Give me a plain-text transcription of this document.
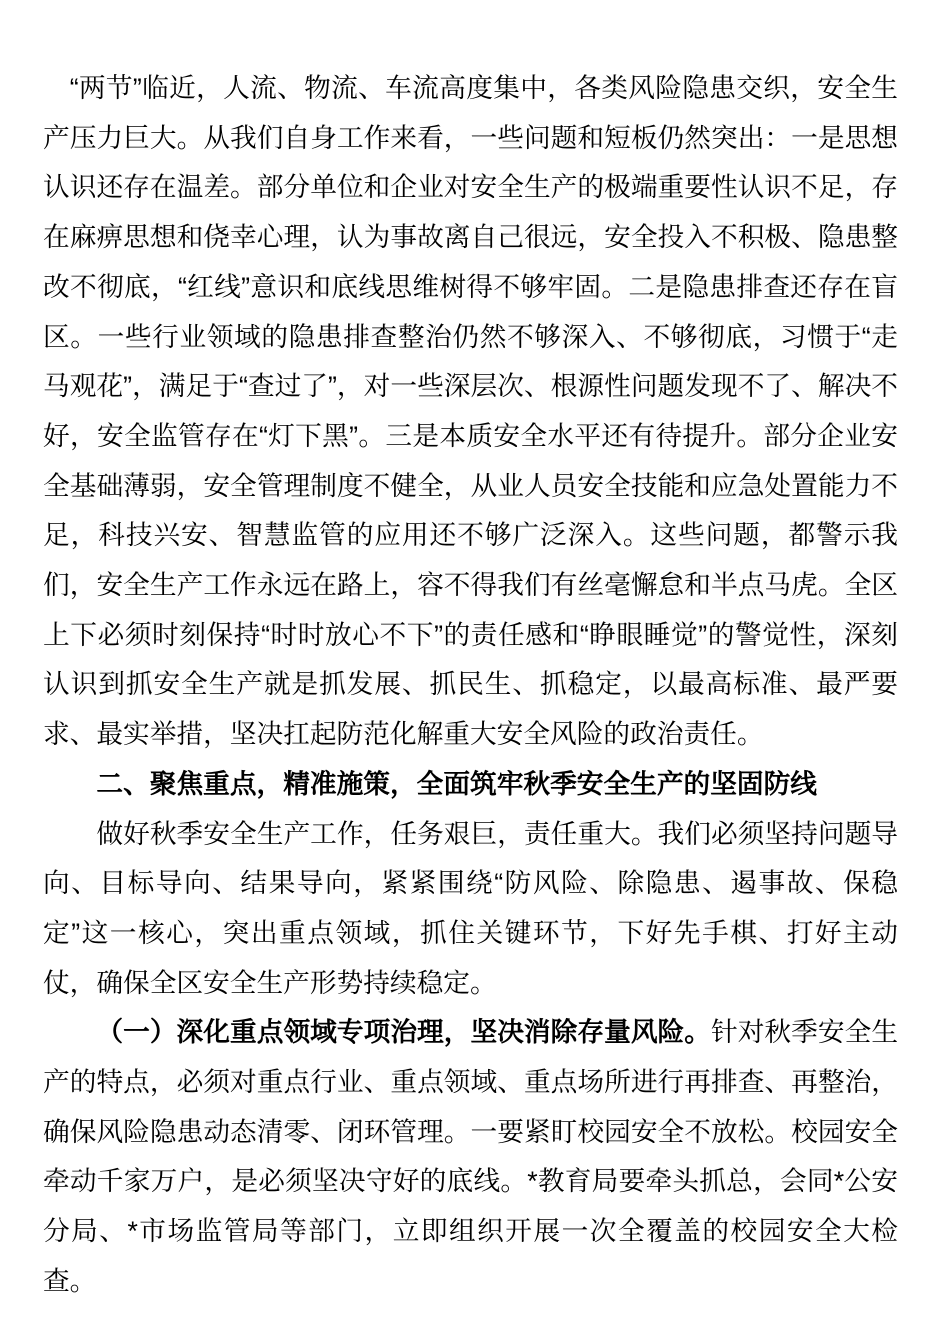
“两节”临近，人流、物流、车流高度集中，各类风险隐患交织，安全生产压力巨大。从我们自身工作来看，一些问题和短板仍然突出：一是思想认识还存在温差。部分单位和企业对安全生产的极端重要性认识不足，存在麻痹思想和侥幸心理，认为事故离自己很远，安全投入不积极、隐患整改不彻底，“红线”意识和底线思维树得不够牢固。二是隐患排查还存在盲区。一些行业领域的隐患排查整治仍然不够深入、不够彻底，习惯于“走马观花”，满足于“查过了”，对一些深层次、根源性问题发现不了、解决不好，安全监管存在“灯下黑”。三是本质安全水平还有待提升。部分企业安全基础薄弱，安全管理制度不健全，从业人员安全技能和应急处置能力不足，科技兴安、智慧监管的应用还不够广泛深入。这些问题，都警示我们，安全生产工作永远在路上，容不得我们有丝毫懈怠和半点马虎。全区上下必须时刻保持“时时放心不下”的责任感和“睁眼睡觉”的警觉性，深刻认识到抓安全生产就是抓发展、抓民生、抓稳定，以最高标准、最严要求、最实举措，坚决扛起防范化解重大安全风险的政治责任。

二、聚焦重点，精准施策，全面筑牢秋季安全生产的坚固防线

做好秋季安全生产工作，任务艰巨，责任重大。我们必须坚持问题导向、目标导向、结果导向，紧紧围绕“防风险、除隐患、遏事故、保稳定”这一核心，突出重点领域，抓住关键环节，下好先手棋、打好主动仗，确保全区安全生产形势持续稳定。

（一）深化重点领域专项治理，坚决消除存量风险。针对秋季安全生产的特点，必须对重点行业、重点领域、重点场所进行再排查、再整治，确保风险隐患动态清零、闭环管理。一要紧盯校园安全不放松。校园安全牵动千家万户，是必须坚决守好的底线。*教育局要牵头抓总，会同*公安分局、*市场监管局等部门，立即组织开展一次全覆盖的校园安全大检查。
